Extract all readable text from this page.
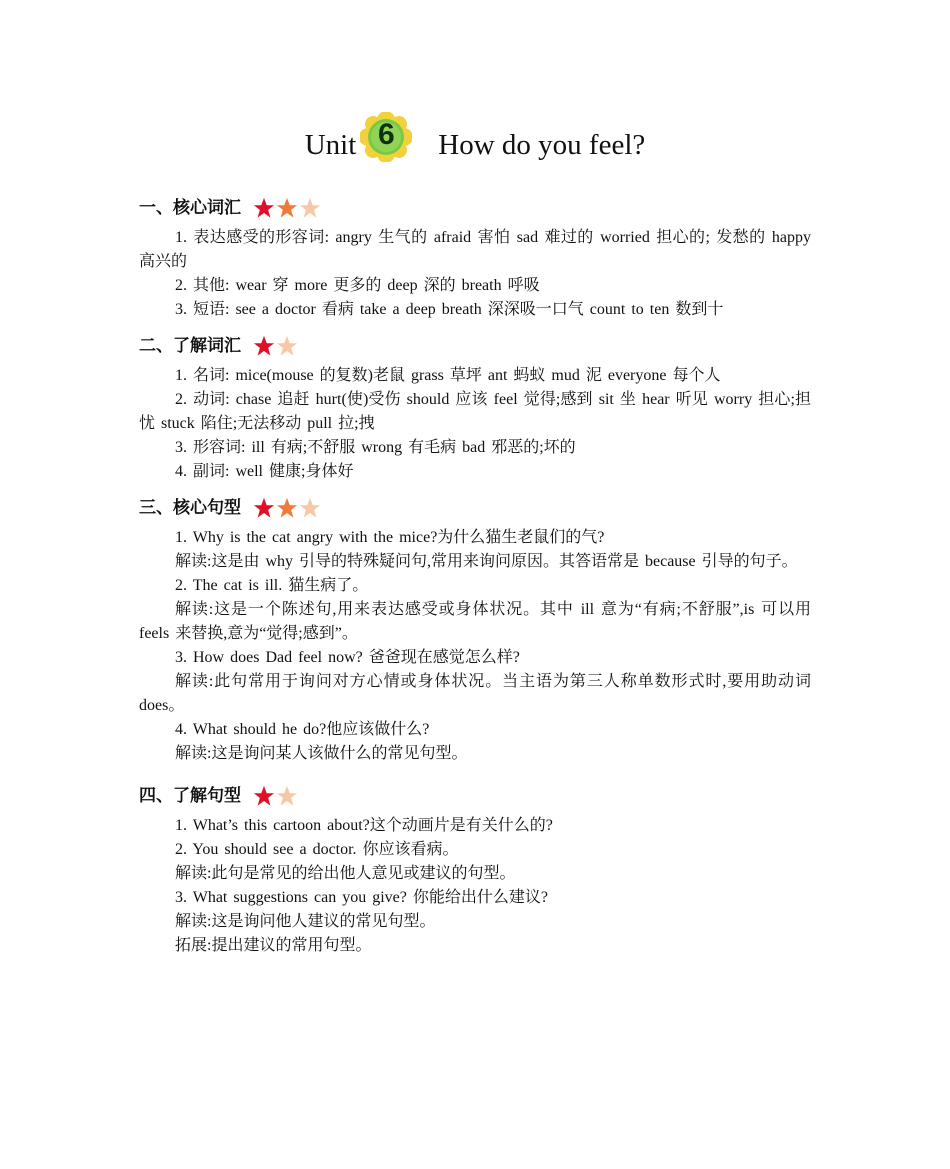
Unit 6	How do you feel?
一、核心词汇

1. 表达感受的形容词: angry 生气的 afraid 害怕 sad 难过的 worried 担心的; 发愁的 happy 高兴的

2. 其他: wear 穿 more 更多的 deep 深的 breath 呼吸

3. 短语: see a doctor 看病 take a deep breath 深深吸一口气 count to ten 数到十

二、了解词汇

1. 名词: mice(mouse 的复数)老鼠 grass 草坪 ant 蚂蚁 mud 泥 everyone 每个人

2. 动词: chase 追赶 hurt(使)受伤 should 应该 feel 觉得;感到 sit 坐 hear 听见 worry 担心;担忧 stuck 陷住;无法移动 pull 拉;拽

3. 形容词: ill 有病;不舒服 wrong 有毛病 bad 邪恶的;坏的

4. 副词: well 健康;身体好

三、核心句型

1. Why is the cat angry with the mice?为什么猫生老鼠们的气?

解读:这是由 why 引导的特殊疑问句,常用来询问原因。其答语常是 because 引导的句子。

2. The cat is ill. 猫生病了。

解读:这是一个陈述句,用来表达感受或身体状况。其中 ill 意为“有病;不舒服”,is 可以用 feels 来替换,意为“觉得;感到”。

3. How does Dad feel now? 爸爸现在感觉怎么样?

解读:此句常用于询问对方心情或身体状况。当主语为第三人称单数形式时,要用助动词 does。

4. What should he do?他应该做什么?

解读:这是询问某人该做什么的常见句型。

四、了解句型

1. What’s this cartoon about?这个动画片是有关什么的?

2. You should see a doctor. 你应该看病。

解读:此句是常见的给出他人意见或建议的句型。

3. What suggestions can you give? 你能给出什么建议?

解读:这是询问他人建议的常见句型。

拓展:提出建议的常用句型。
